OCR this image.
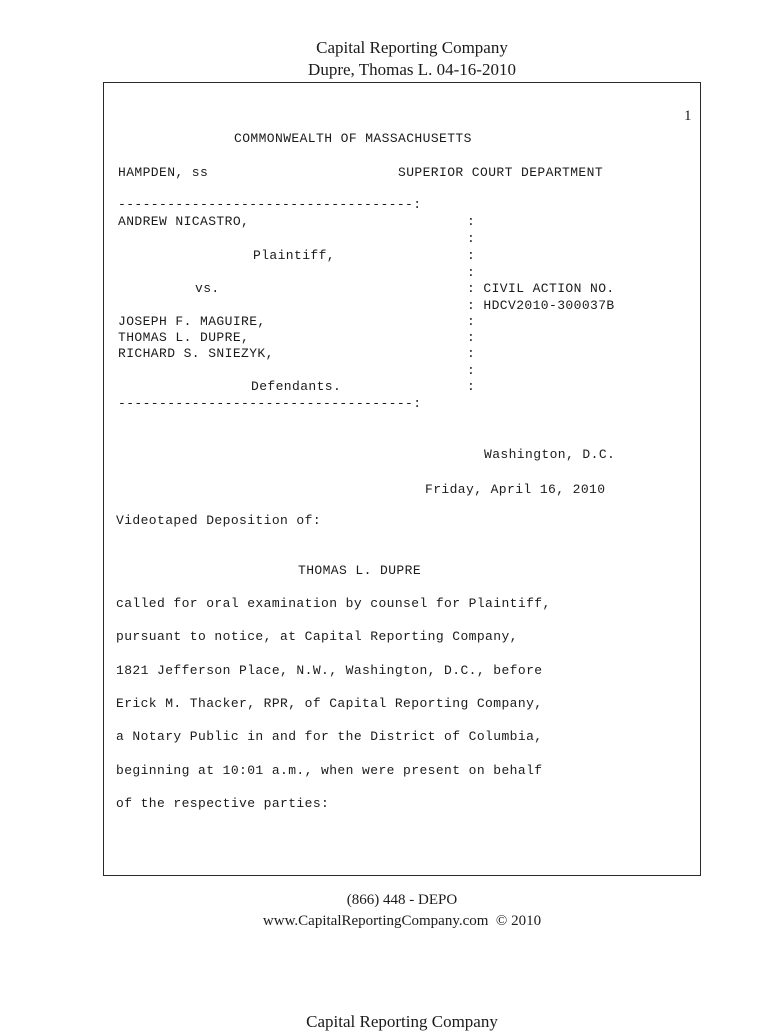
Capital Reporting Company
Dupre, Thomas L. 04-16-2010
1
COMMONWEALTH OF MASSACHUSETTS
HAMPDEN, ss	SUPERIOR COURT DEPARTMENT
------------------------------------:
ANDREW NICASTRO,	:
:
Plaintiff,	:
:
vs.	: CIVIL ACTION NO.
: HDCV2010-300037B
JOSEPH F. MAGUIRE,	:
THOMAS L. DUPRE,	:
RICHARD S. SNIEZYK,	:
:
Defendants.	:
------------------------------------:
Washington, D.C.
Friday, April 16, 2010
Videotaped Deposition of:
THOMAS L. DUPRE
called for oral examination by counsel for Plaintiff,
pursuant to notice, at Capital Reporting Company,
1821 Jefferson Place, N.W., Washington, D.C., before
Erick M. Thacker, RPR, of Capital Reporting Company,
a Notary Public in and for the District of Columbia,
beginning at 10:01 a.m., when were present on behalf
of the respective parties:
(866) 448 - DEPO
www.CapitalReportingCompany.com  © 2010
Capital Reporting Company
